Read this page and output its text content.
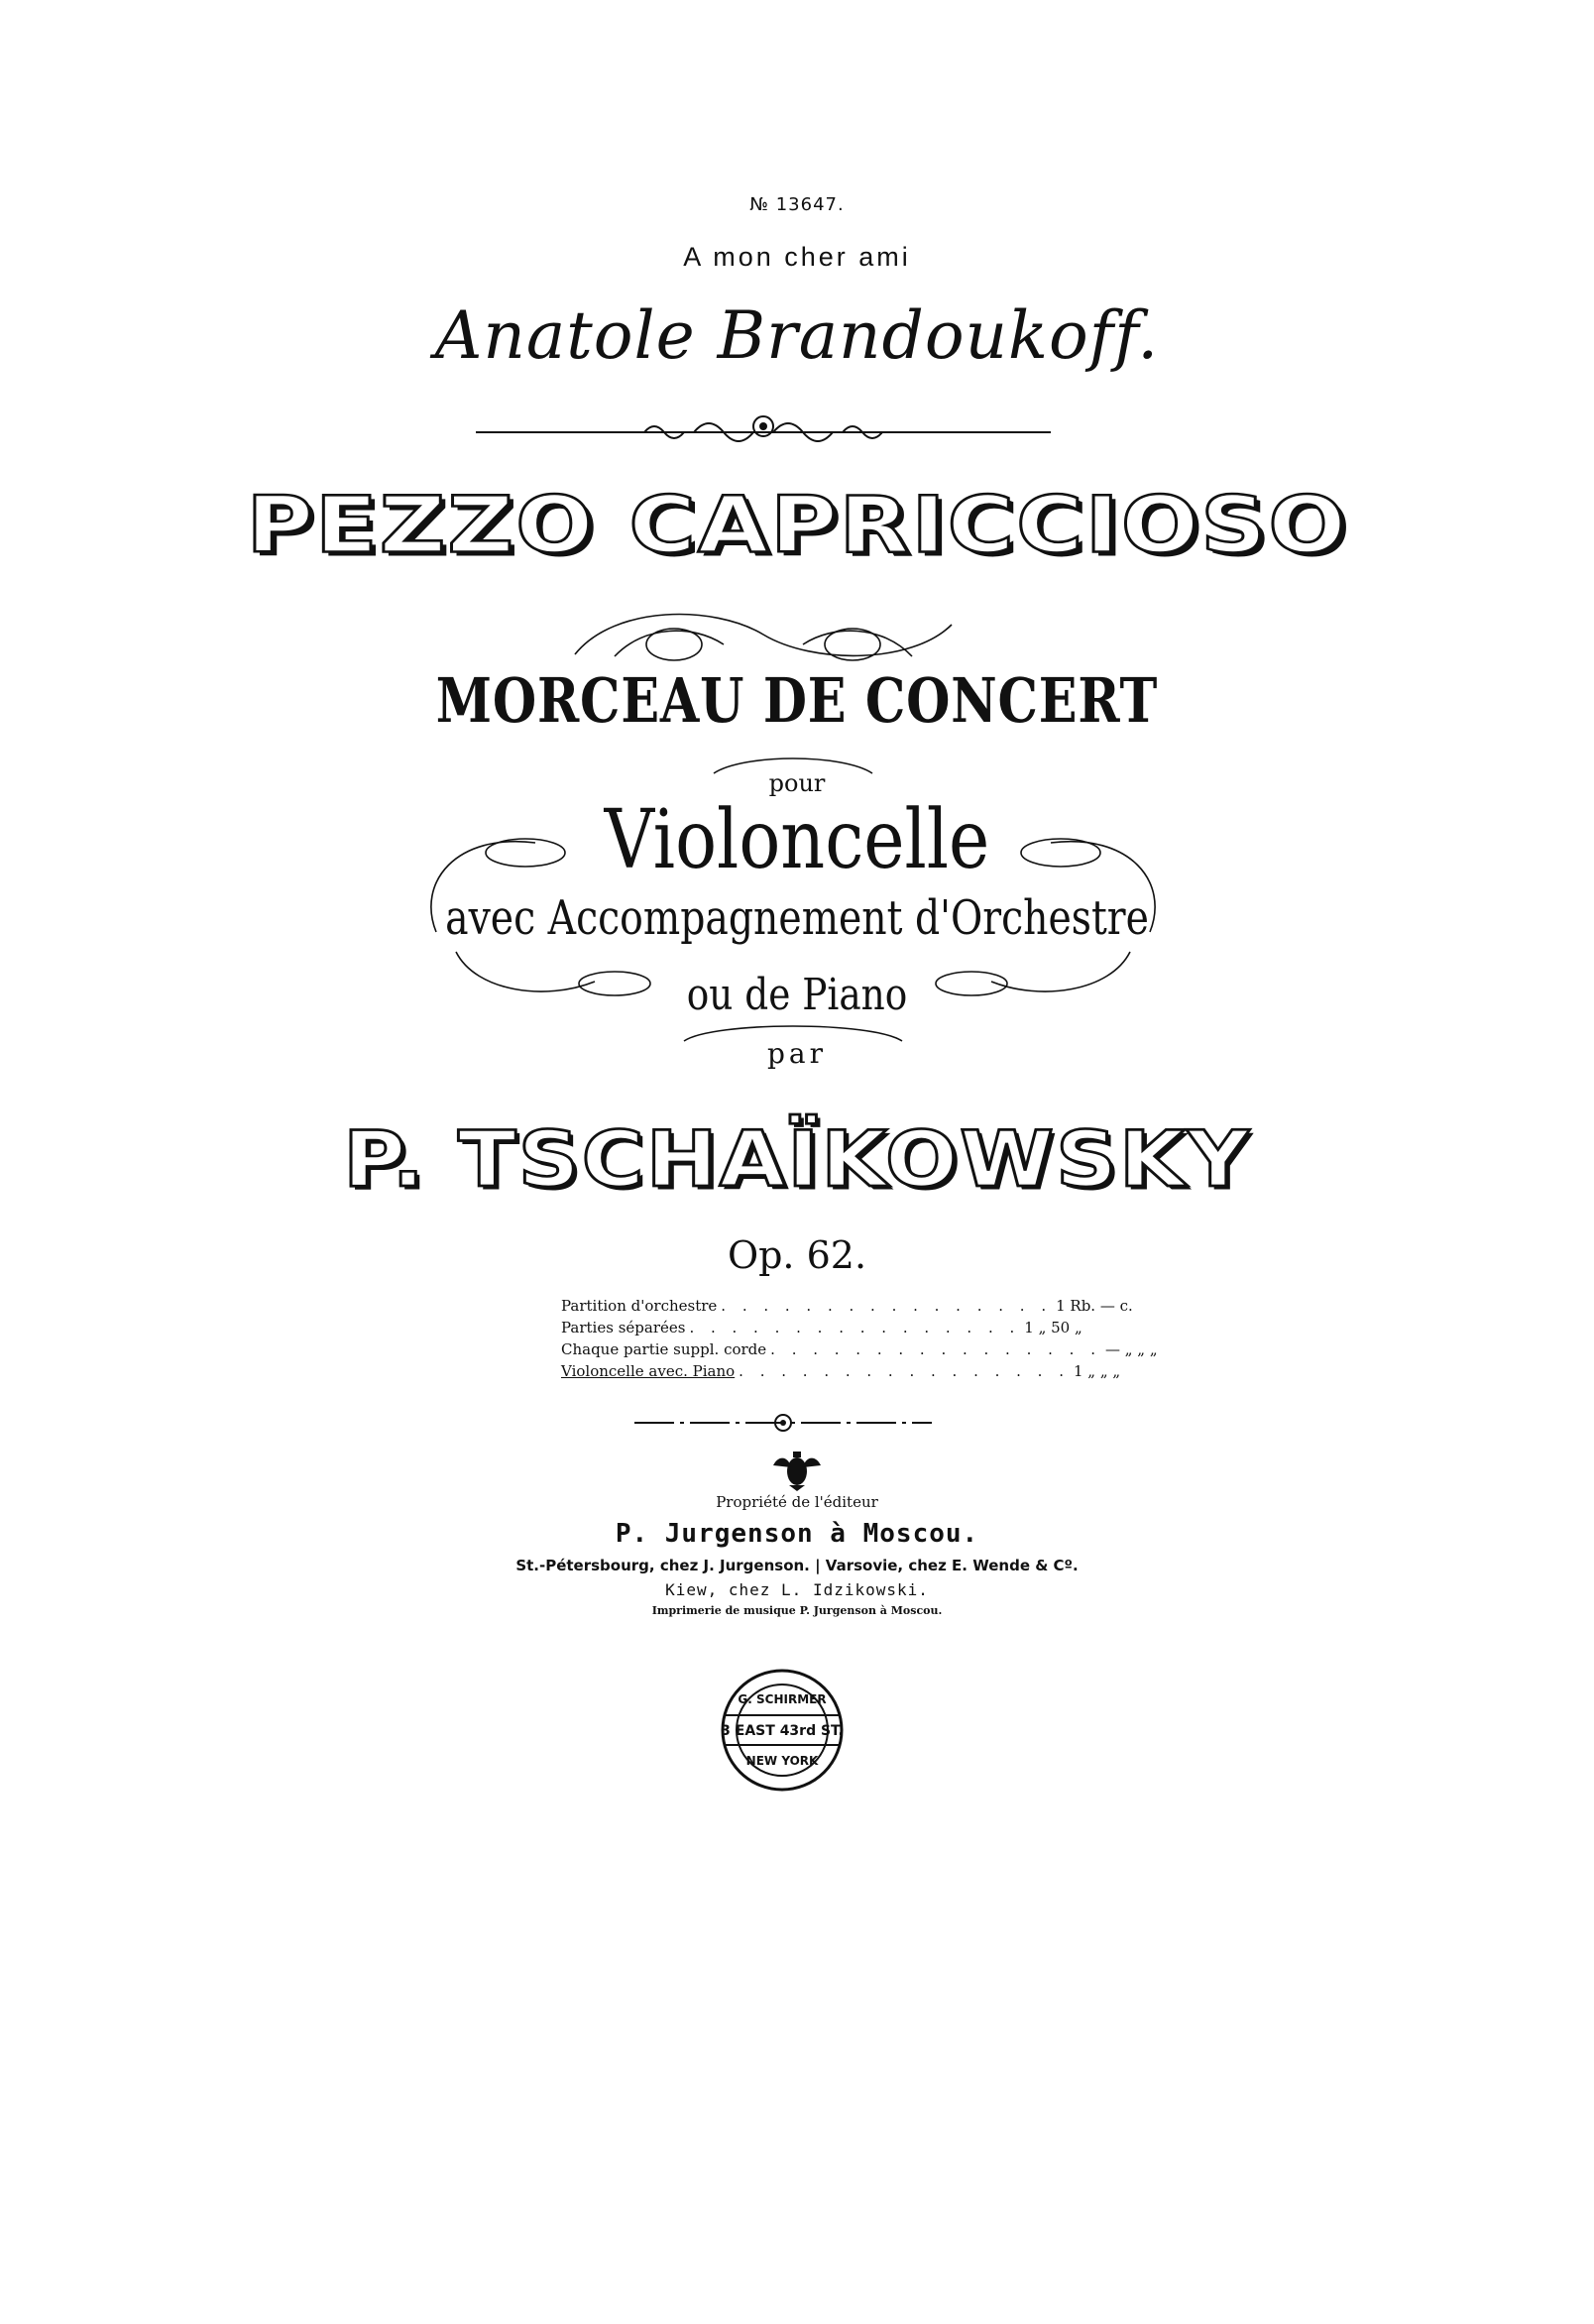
№ 13647.
A mon cher ami
Anatole Brandoukoff.
PEZZO CAPRICCIOSO
MORCEAU DE CONCERT
pour
Violoncelle
avec Accompagnement d'Orchestre
ou de Piano
par
P. TSCHAÏKOWSKY
Op. 62.
Partition d'orchestre . . . . . . . . . . . . . . . . 1 Rb. — c.
Parties séparées . . . . . . . . . . . . . . . . 1 „ 50 „
Chaque partie suppl. corde . . . . . . . . . . . . . . . . — „ „ „
Violoncelle avec. Piano . . . . . . . . . . . . . . . . 1 „ „ „
Propriété de l'éditeur
P. Jurgenson à Moscou.
St.-Pétersbourg, chez J. Jurgenson. | Varsovie, chez E. Wende & Cº.
Kiew, chez L. Idzikowski.
Imprimerie de musique P. Jurgenson à Moscou.
G. SCHIRMER
3 EAST 43rd ST.
NEW YORK
